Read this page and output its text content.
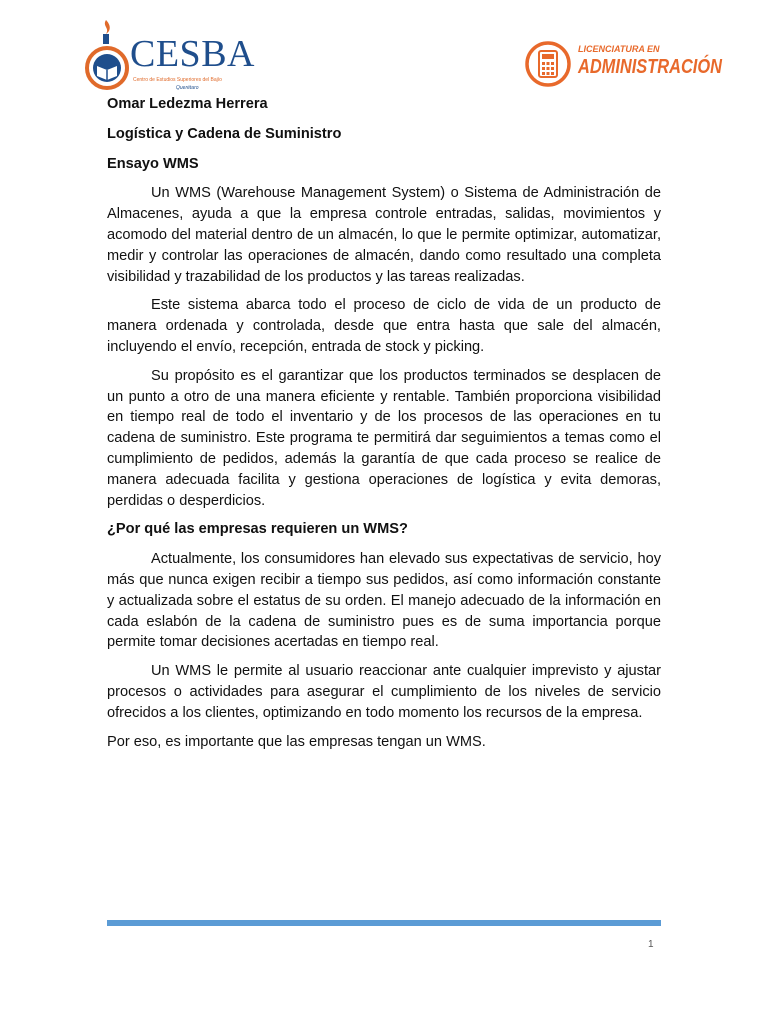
CESBA
Centro de Estudios Superiores del Bajío
Querétaro
LICENCIATURA EN
ADMINISTRACIÓN

Omar Ledezma Herrera

Logística y Cadena de Suministro

Ensayo WMS

Un WMS (Warehouse Management System) o Sistema de Administración de Almacenes, ayuda a que la empresa controle entradas, salidas, movimientos y acomodo del material dentro de un almacén, lo que le permite optimizar, automatizar, medir y controlar las operaciones de almacén, dando como resultado una completa visibilidad y trazabilidad de los productos y las tareas realizadas.

Este sistema abarca todo el proceso de ciclo de vida de un producto de manera ordenada y controlada, desde que entra hasta que sale del almacén, incluyendo el envío, recepción, entrada de stock y picking.

Su propósito es el garantizar que los productos terminados se desplacen de un punto a otro de una manera eficiente y rentable. También proporciona visibilidad en tiempo real de todo el inventario y de los procesos de las operaciones en tu cadena de suministro. Este programa te permitirá dar seguimientos a temas como el cumplimiento de pedidos, además la garantía de que cada proceso se realice de manera adecuada facilita y gestiona operaciones de logística y evita demoras, perdidas o desperdicios.

¿Por qué las empresas requieren un WMS?

Actualmente, los consumidores han elevado sus expectativas de servicio, hoy más que nunca exigen recibir a tiempo sus pedidos, así como información constante y actualizada sobre el estatus de su orden. El manejo adecuado de la información en cada eslabón de la cadena de suministro pues es de suma importancia porque permite tomar decisiones acertadas en tiempo real.

Un WMS le permite al usuario reaccionar ante cualquier imprevisto y ajustar procesos o actividades para asegurar el cumplimiento de los niveles de servicio ofrecidos a los clientes, optimizando en todo momento los recursos de la empresa.

Por eso, es importante que las empresas tengan un WMS.

1
